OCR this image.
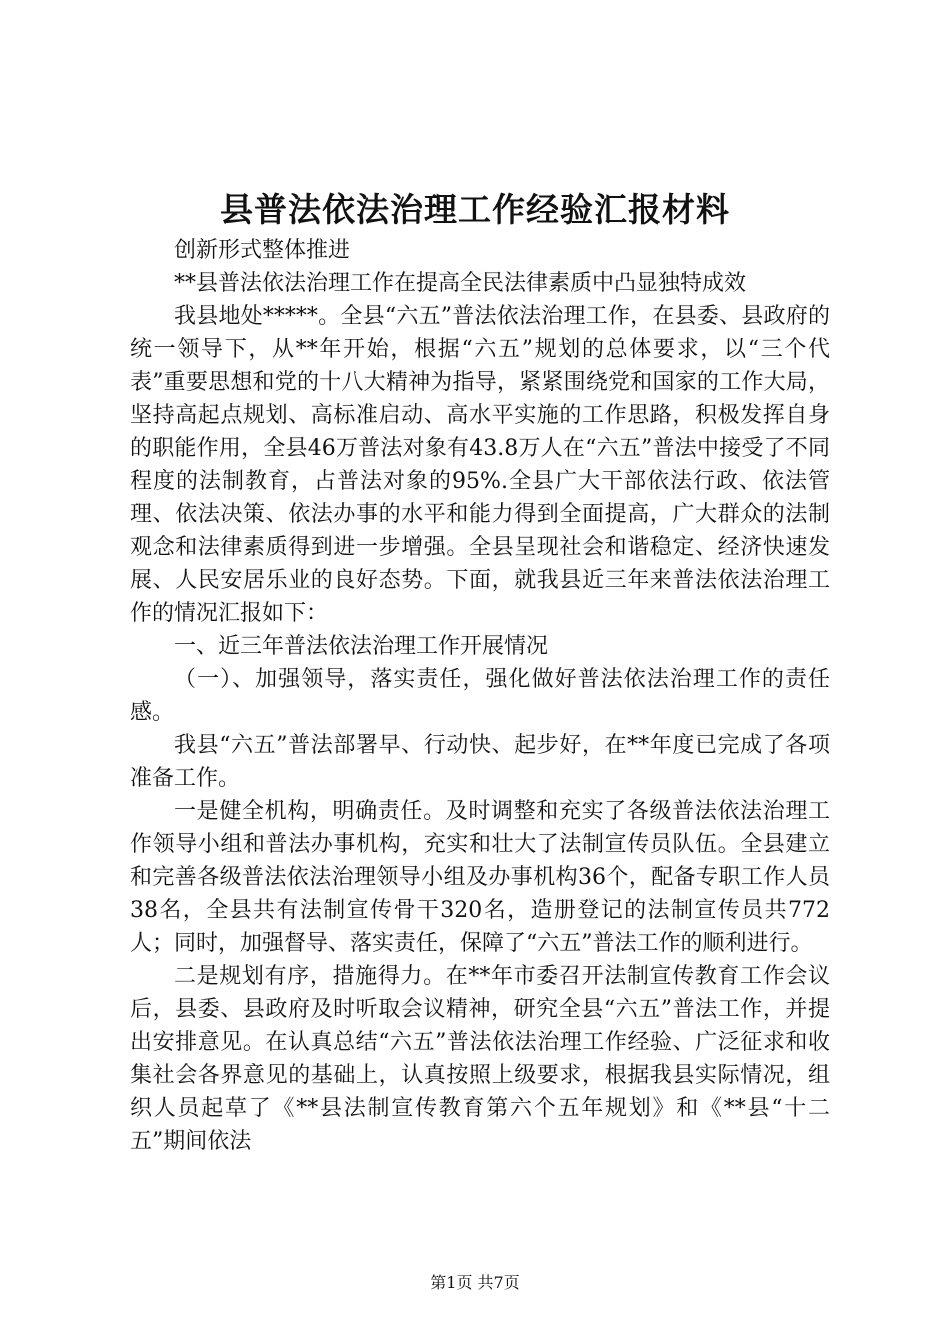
县普法依法治理工作经验汇报材料

创新形式整体推进

**县普法依法治理工作在提高全民法律素质中凸显独特成效

我县地处*****。全县“六五”普法依法治理工作，在县委、县政府的统一领导下，从**年开始，根据“六五”规划的总体要求，以“三个代表”重要思想和党的十八大精神为指导，紧紧围绕党和国家的工作大局，坚持高起点规划、高标准启动、高水平实施的工作思路，积极发挥自身的职能作用，全县46万普法对象有43.8万人在“六五”普法中接受了不同程度的法制教育，占普法对象的95%.全县广大干部依法行政、依法管理、依法决策、依法办事的水平和能力得到全面提高，广大群众的法制观念和法律素质得到进一步增强。全县呈现社会和谐稳定、经济快速发展、人民安居乐业的良好态势。下面，就我县近三年来普法依法治理工作的情况汇报如下：

一、近三年普法依法治理工作开展情况

（一）、加强领导，落实责任，强化做好普法依法治理工作的责任感。

我县“六五”普法部署早、行动快、起步好，在**年度已完成了各项准备工作。

一是健全机构，明确责任。及时调整和充实了各级普法依法治理工作领导小组和普法办事机构，充实和壮大了法制宣传员队伍。全县建立和完善各级普法依法治理领导小组及办事机构36个，配备专职工作人员38名，全县共有法制宣传骨干320名，造册登记的法制宣传员共772人；同时，加强督导、落实责任，保障了“六五”普法工作的顺利进行。

二是规划有序，措施得力。在**年市委召开法制宣传教育工作会议后，县委、县政府及时听取会议精神，研究全县“六五”普法工作，并提出安排意见。在认真总结“六五”普法依法治理工作经验、广泛征求和收集社会各界意见的基础上，认真按照上级要求，根据我县实际情况，组织人员起草了《**县法制宣传教育第六个五年规划》和《**县“十二五”期间依法

第1页 共7页
